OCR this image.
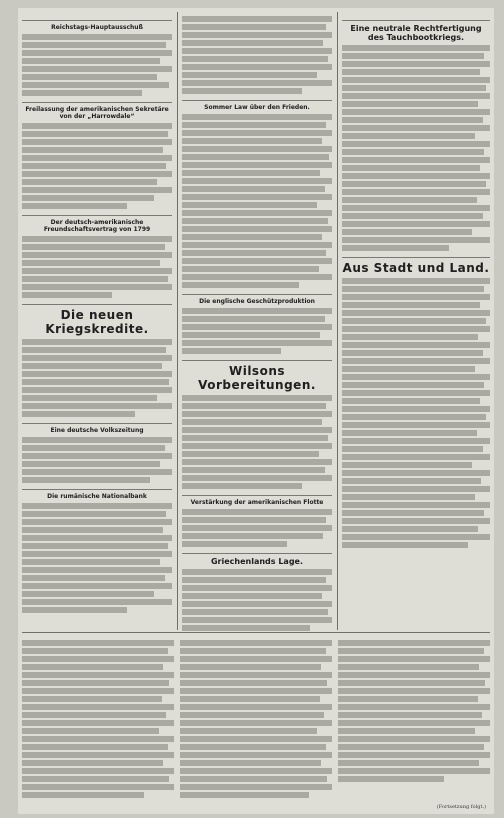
Reichstags-Hauptausschuß
Freilassung der amerikanischen Sekretäre von der „Harrowdale“
Der deutsch-amerikanische Freundschaftsvertrag von 1799
Die neuen Kriegskredite.
Eine deutsche Volkszeitung
Die rumänische Nationalbank
Sommer Law über den Frieden.
Die englische Geschützproduktion
Wilsons Vorbereitungen.
Verstärkung der amerikanischen Flotte
Griechenlands Lage.
Eine neutrale Rechtfertigung des Tauchbootkriegs.
Aus Stadt und Land.
(Fortsetzung folgt.)
